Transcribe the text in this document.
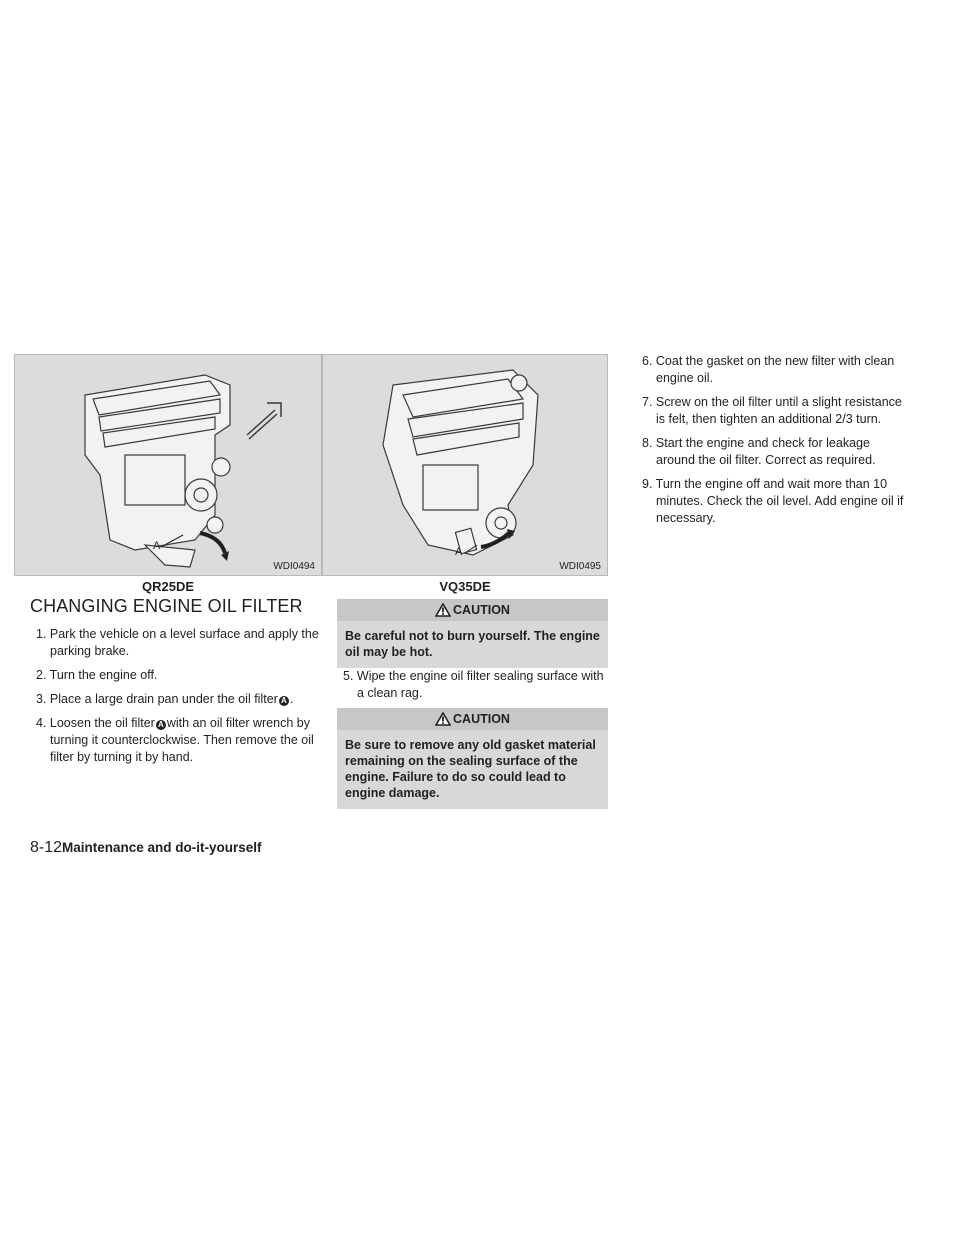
A
WDI0494
QR25DE
A
WDI0495
VQ35DE
CHANGING ENGINE OIL FILTER
1. Park the vehicle on a level surface and apply the parking brake.
2. Turn the engine off.
3. Place a large drain pan under the oil filter A .
4. Loosen the oil filter A with an oil filter wrench by turning it counterclockwise. Then remove the oil filter by turning it by hand.
CAUTION
Be careful not to burn yourself. The engine oil may be hot.
5. Wipe the engine oil filter sealing surface with a clean rag.
CAUTION
Be sure to remove any old gasket material remaining on the sealing surface of the engine. Failure to do so could lead to engine damage.
6. Coat the gasket on the new filter with clean engine oil.
7. Screw on the oil filter until a slight resistance is felt, then tighten an additional 2/3 turn.
8. Start the engine and check for leakage around the oil filter. Correct as required.
9. Turn the engine off and wait more than 10 minutes. Check the oil level. Add engine oil if necessary.
8-12Maintenance and do-it-yourself
